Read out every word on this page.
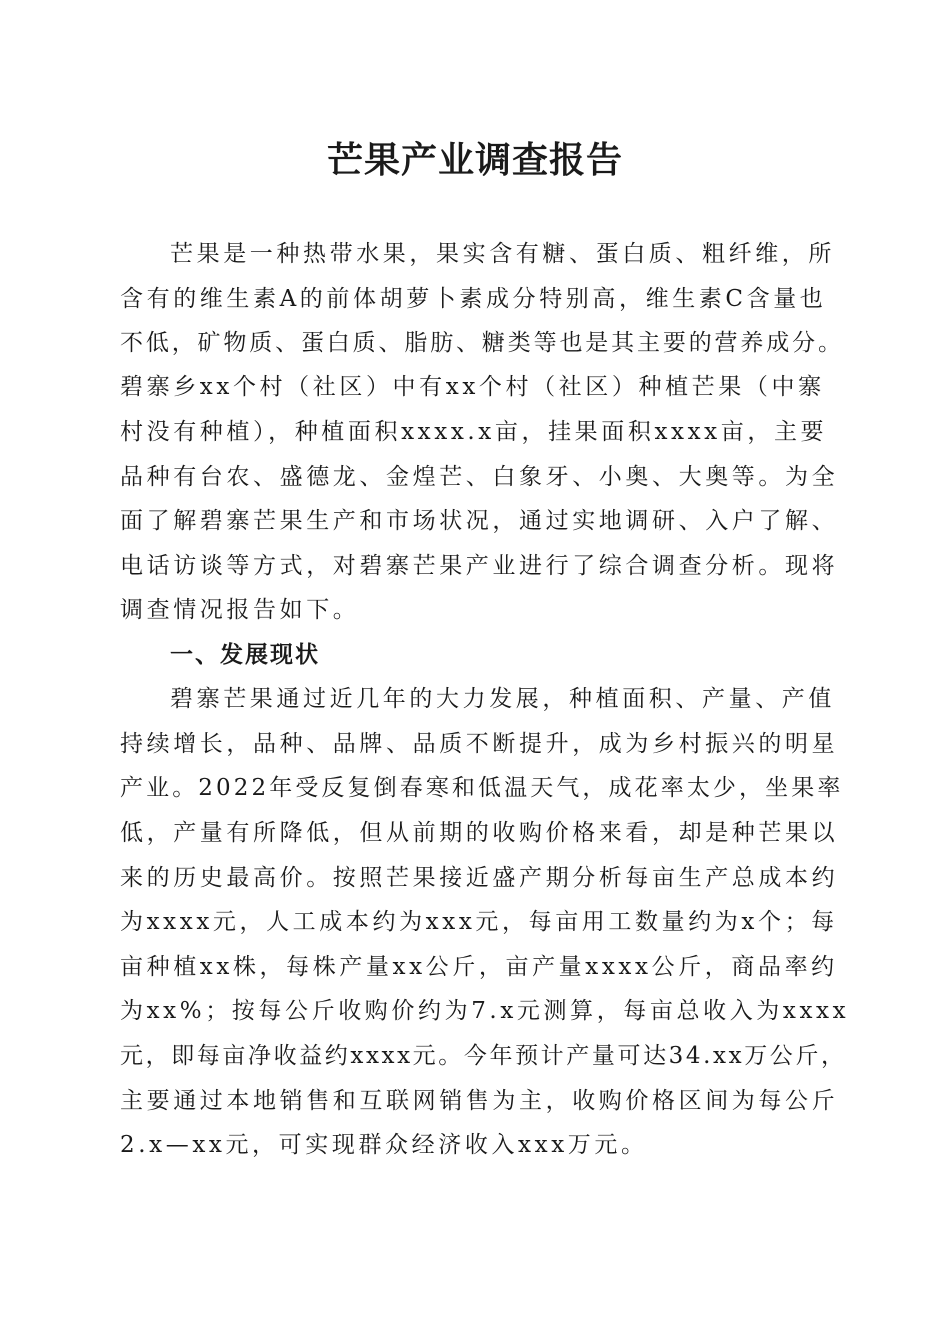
芒果产业调查报告
芒果是一种热带水果，果实含有糖、蛋白质、粗纤维，所
含有的维生素A的前体胡萝卜素成分特别高，维生素C含量也
不低，矿物质、蛋白质、脂肪、糖类等也是其主要的营养成分。
碧寨乡xx个村（社区）中有xx个村（社区）种植芒果（中寨
村没有种植），种植面积xxxx.x亩，挂果面积xxxx亩，主要
品种有台农、盛德龙、金煌芒、白象牙、小奥、大奥等。为全
面了解碧寨芒果生产和市场状况，通过实地调研、入户了解、
电话访谈等方式，对碧寨芒果产业进行了综合调查分析。现将
调查情况报告如下。
一、发展现状
碧寨芒果通过近几年的大力发展，种植面积、产量、产值
持续增长，品种、品牌、品质不断提升，成为乡村振兴的明星
产业。2022年受反复倒春寒和低温天气，成花率太少，坐果率
低，产量有所降低，但从前期的收购价格来看，却是种芒果以
来的历史最高价。按照芒果接近盛产期分析每亩生产总成本约
为xxxx元，人工成本约为xxx元，每亩用工数量约为x个；每
亩种植xx株，每株产量xx公斤，亩产量xxxx公斤，商品率约
为xx%；按每公斤收购价约为7.x元测算，每亩总收入为xxxx
元，即每亩净收益约xxxx元。今年预计产量可达34.xx万公斤，
主要通过本地销售和互联网销售为主，收购价格区间为每公斤
2.x—xx元，可实现群众经济收入xxx万元。
